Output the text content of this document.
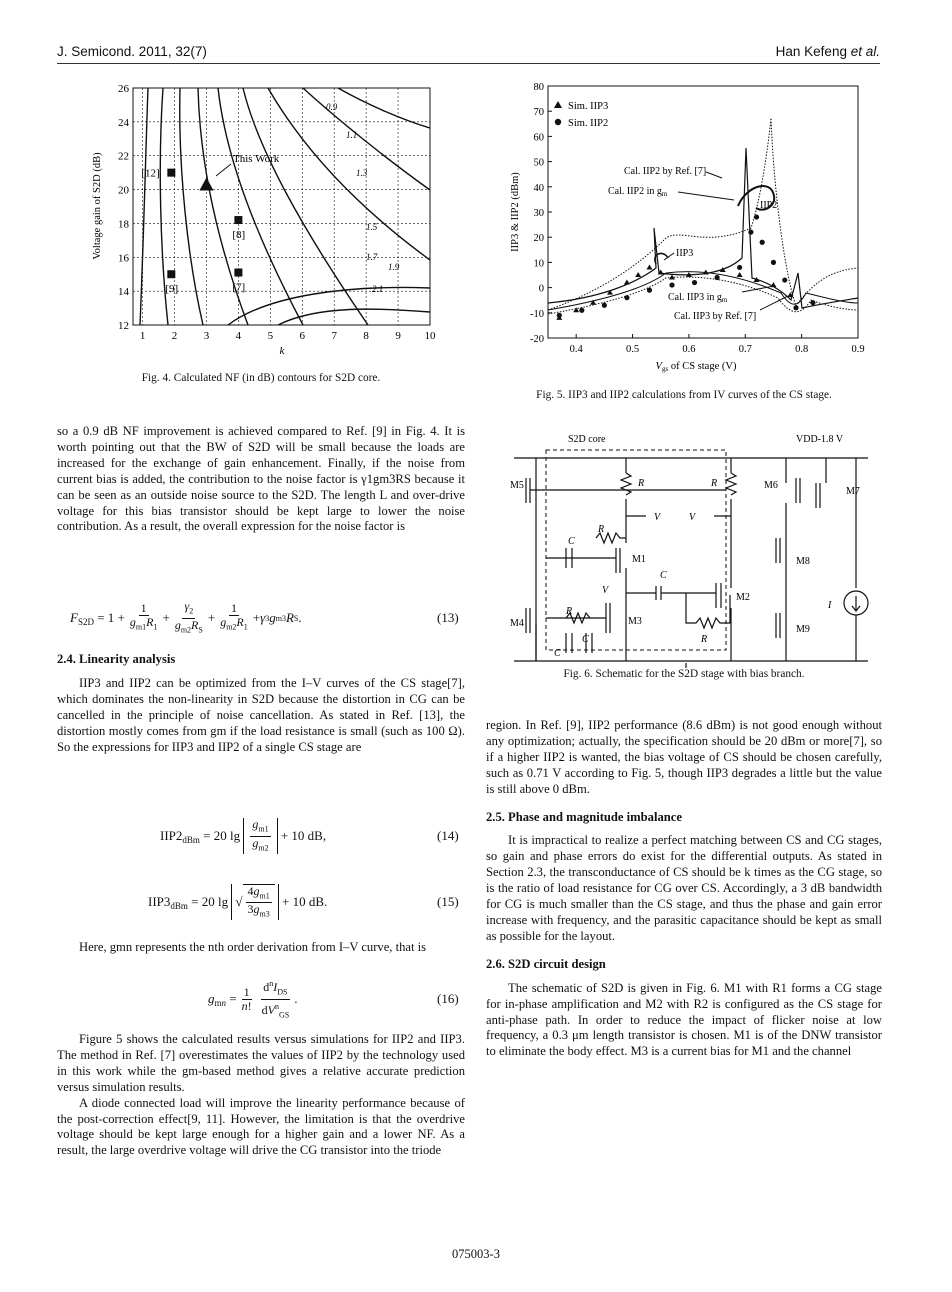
J. Semicond. 2011, 32(7)	Han Kefeng et al.
1 2 3 4 5 6 7 8 9 10
12
14
16
18
20
22
24
26
0.9
1.1
1.3
1.5
1.7
1.9
2.1
[12]
[8]
[9]	[7]
This Work
Voltage gain of S2D (dB)
k
Fig. 4. Calculated NF (in dB) contours for S2D core.
0.4	0.5	0.6	0.7	0.8	0.9
80
70
60
50
40
30
20
10
0
-10
-20
Sim. IIP3
Sim. IIP2
Cal. IIP2 by Ref. [7]
Cal. IIP2 in $g_m$
IIP2
IIP3
Cal. IIP3 in $g_m$
Cal. IIP3 by Ref. [7]
IIP3 & IIP2 (dBm)
Vgs of CS stage (V)
Fig. 5. IIP3 and IIP2 calculations from IV curves of the CS stage.
S2D core	VDD-1.8 V
M5	M6
M7
M1	M8
M2
M3
M4
M9
R	R
R
R
R
C
C
C
C
V	V
V
I
Fig. 6. Schematic for the S2D stage with bias branch.

so a 0.9 dB NF improvement is achieved compared to Ref. [9] in Fig. 4. It is worth pointing out that the BW of S2D will be small because the loads are increased for the exchange of gain enhancement. Finally, if the noise from current bias is added, the contribution to the noise factor is γ1gm3RS because it can be seen as an outside noise source to the S2D. The length L and over-drive voltage for this bias transistor should be kept large to lower the noise contribution. As a result, the overall expression for the noise factor is

F $S2D = 1 + \frac{1}{g_{m1}R_1} + \frac{\gamma_2}{g_{m2}R_S} + \frac{1}{g_{m2}R_1} + \gamma$ 3 g m3 R S .	(13)
2.4. Linearity analysis

IIP3 and IIP2 can be optimized from the I–V curves of the CS stage[7], which dominates the non-linearity in S2D because the distortion in CG can be cancelled in the principle of noise cancellation. As stated in Ref. [13], the distortion mostly comes from gm if the load resistance is small (such as 100 Ω). So the expressions for IIP3 and IIP2 of a single CS stage are

IIP2 dBm = 20 $\lg \frac{g_{m1}}{g_{m2}} + 10$ dB,	(14)
IIP3 dBm = 20 lg √ $\frac{4g_{m1}}{3g_{m3}} + 10$ dB.	(15)

Here, gmn represents the nth order derivation from I–V curve, that is

g mn = $\frac{1}{n!} \frac{d^nI_{DS}}{dV^n_{GS}}$ .	(16)

Figure 5 shows the calculated results versus simulations for IIP2 and IIP3. The method in Ref. [7] overestimates the values of IIP2 by the technology used in this work while the gm-based method gives a relative accurate prediction versus simulation results.

A diode connected load will improve the linearity performance because of the post-correction effect[9, 11]. However, the limitation is that the overdrive voltage should be kept large enough for a higher gain and a lower NF. As a result, the large overdrive voltage will drive the CG transistor into the triode

region. In Ref. [9], IIP2 performance (8.6 dBm) is not good enough without any optimization; actually, the specification should be 20 dBm or more[7], so if a higher IIP2 is wanted, the bias voltage of CS should be chosen carefully, such as 0.71 V according to Fig. 5, though IIP3 degrades a little but the value is still above 0 dBm.

2.5. Phase and magnitude imbalance

It is impractical to realize a perfect matching between CS and CG stages, so gain and phase errors do exist for the differential outputs. As stated in Section 2.3, the transconductance of CS should be k times as the CG stage, so is the ratio of load resistance for CG over CS. Accordingly, a 3 dB bandwidth for CG is much smaller than the CS stage, and thus the phase and gain error increase with frequency, and the parasitic capacitance should be kept as small as possible for the layout.

2.6. S2D circuit design

The schematic of S2D is given in Fig. 6. M1 with R1 forms a CG stage for in-phase amplification and M2 with R2 is configured as the CS stage for anti-phase path. In order to reduce the impact of flicker noise at low frequency, a 0.3 μm length transistor is chosen. M1 is of the DNW transistor to eliminate the body effect. M3 is a current bias for M1 and the channel

075003-3
